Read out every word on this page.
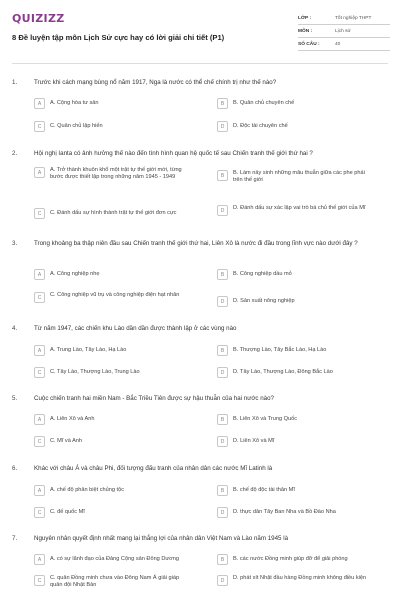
QUIZIZZ
8 Đề luyện tập môn Lịch Sử cực hay có lời giải chi tiết (P1)
LỚP :	Tốt nghiệp THPT
MÔN :	Lịch sử
SỐ CÂU :	40
1.	Trước khi cách mạng bùng nổ năm 1917, Nga là nước có thể chế chính trị như thế nào?
A	A. Cộng hòa tư sản	B	B. Quân chủ chuyên chế
C	C. Quân chủ lập hiến	D	D. Độc tài chuyên chế
2.	Hội nghị Ianta có ảnh hưởng thế nào đến tình hình quan hệ quốc tế sau Chiến tranh thế giới thứ hai ?
A	A. Trở thành khuôn khổ một trật tự thế giới mới, từng bước được thiết lập trong những năm 1945 - 1949	B	B. Làm nảy sinh những mâu thuẫn giữa các phe phái trên thế giới
C	C. Đánh dấu sự hình thành trật tự thế giới đơn cực	D	D. Đánh dấu sự xác lập vai trò bá chủ thế giới của Mĩ
3.	Trong khoảng ba thập niên đầu sau Chiến tranh thế giới thứ hai, Liên Xô là nước đi đầu trong lĩnh vực nào dưới đây ?
A	A. Công nghiệp nhẹ	B	B. Công nghiệp dầu mỏ
C	C. Công nghiệp vũ trụ và công nghiệp điện hạt nhân
D	D. Sản xuất nông nghiệp
4.	Từ năm 1947, các chiến khu Lào dần dần được thành lập ở các vùng nào
A	A. Trung Lào, Tây Lào, Hạ Lào	B	B. Thượng Lào, Tây Bắc Lào, Hạ Lào
C	C. Tây Lào, Thượng Lào, Trung Lào	D	D. Tây Lào, Thượng Lào, Đông Bắc Lào
5.	Cuộc chiến tranh hai miền Nam - Bắc Triều Tiên được sự hậu thuẫn của hai nước nào?
A	A. Liên Xô và Anh	B	B. Liên Xô và Trung Quốc
C	C. Mĩ và Anh	D	D. Liên Xô và Mĩ
6.	Khác với châu Á và châu Phi, đối tượng đấu tranh của nhân dân các nước Mĩ Latinh là
A	A. chế độ phân biệt chủng tộc	B	B. chế độ độc tài thân Mĩ
C	C. đế quốc Mĩ	D	D. thực dân Tây Ban Nha và Bồ Đào Nha
7.	Nguyên nhân quyết định nhất mang lại thắng lợi của nhân dân Việt Nam và Lào năm 1945 là
A	A. có sự lãnh đạo của Đảng Cộng sản Đông Dương	B	B. các nước Đồng minh giúp đỡ để giải phóng
C	C. quân Đồng minh chưa vào Đông Nam Á giải giáp quân đội Nhật Bản
D	D. phát xít Nhật đầu hàng Đồng minh không điều kiện
